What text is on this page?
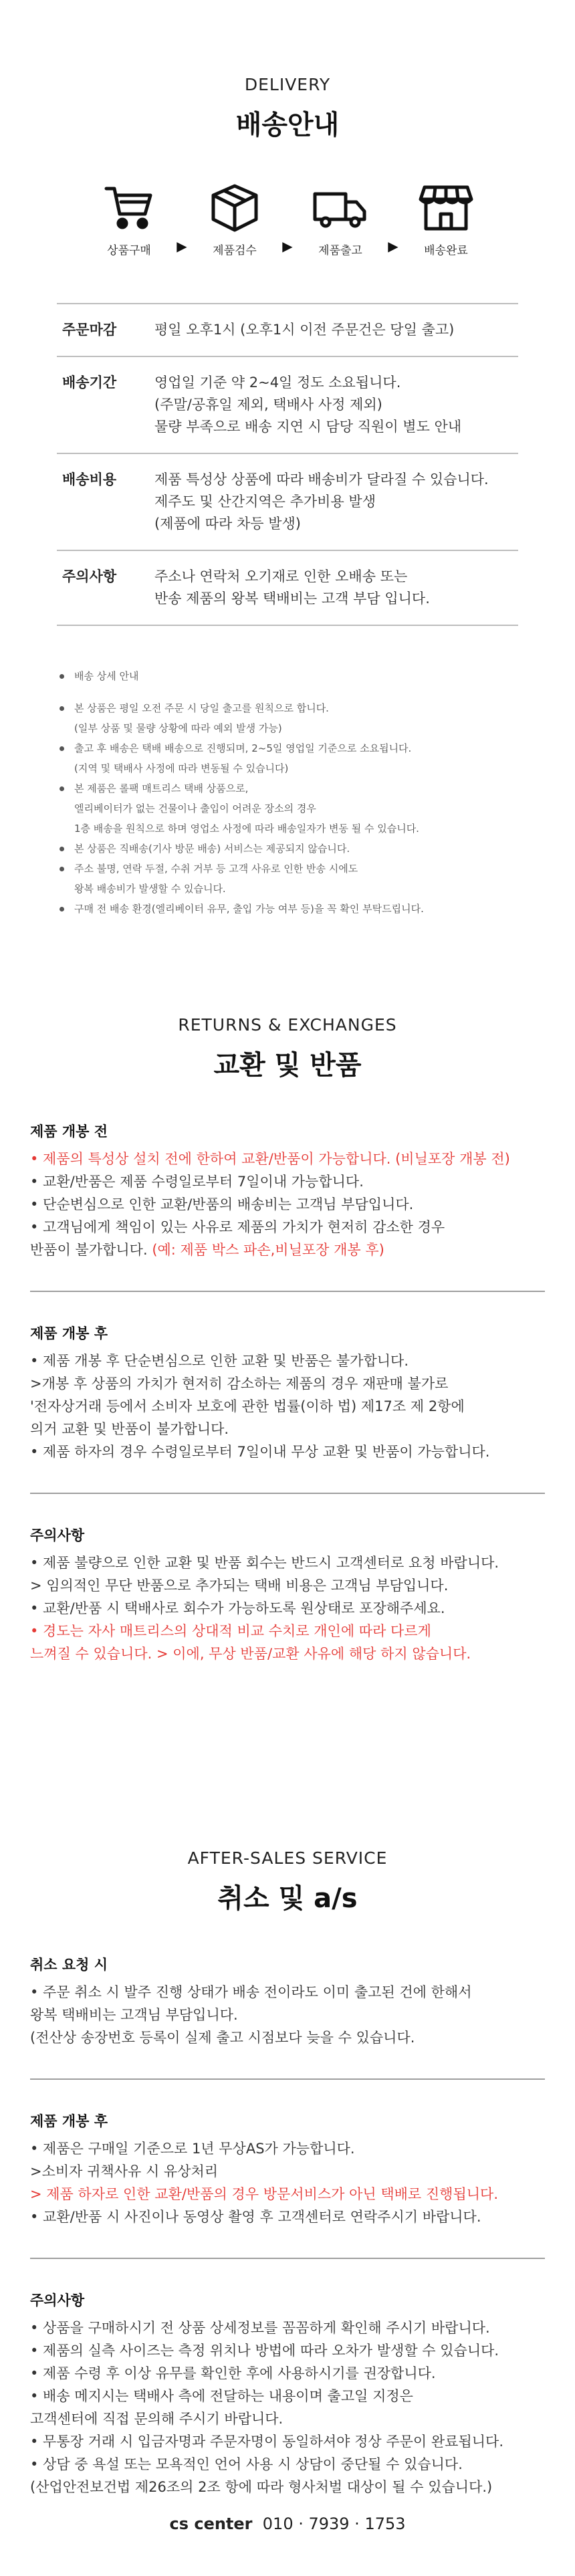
DELIVERY
배송안내
상품구매	▶	제품검수	▶	제품출고	▶	배송완료
주문마감	평일 오후1시 (오후1시 이전 주문건은 당일 출고)
배송기간	영업일 기준 약 2~4일 정도 소요됩니다.
(주말/공휴일 제외, 택배사 사정 제외)
물량 부족으로 배송 지연 시 담당 직원이 별도 안내
배송비용	제품 특성상 상품에 따라 배송비가 달라질 수 있습니다.
제주도 및 산간지역은 추가비용 발생
(제품에 따라 차등 발생)
주의사항	주소나 연락처 오기재로 인한 오배송 또는
반송 제품의 왕복 택배비는 고객 부담 입니다.
배송 상세 안내
본 상품은 평일 오전 주문 시 당일 출고를 원칙으로 합니다.
(일부 상품 및 물량 상황에 따라 예외 발생 가능)
출고 후 배송은 택배 배송으로 진행되며, 2~5일 영업일 기준으로 소요됩니다.
(지역 및 택배사 사정에 따라 변동될 수 있습니다)
본 제품은 롤팩 매트리스 택배 상품으로,
엘리베이터가 없는 건물이나 출입이 어려운 장소의 경우
1층 배송을 원칙으로 하며 영업소 사정에 따라 배송일자가 변동 될 수 있습니다.
본 상품은 직배송(기사 방문 배송) 서비스는 제공되지 않습니다.
주소 불명, 연락 두절, 수취 거부 등 고객 사유로 인한 반송 시에도
왕복 배송비가 발생할 수 있습니다.
구매 전 배송 환경(엘리베이터 유무, 출입 가능 여부 등)을 꼭 확인 부탁드립니다.
RETURNS & EXCHANGES
교환 및 반품
제품 개봉 전
• 제품의 특성상 설치 전에 한하여 교환/반품이 가능합니다. (비닐포장 개봉 전)
• 교환/반품은 제품 수령일로부터 7일이내 가능합니다.
• 단순변심으로 인한 교환/반품의 배송비는 고객님 부담입니다.
• 고객님에게 책임이 있는 사유로 제품의 가치가 현저히 감소한 경우
반품이 불가합니다. (예: 제품 박스 파손,비닐포장 개봉 후)
제품 개봉 후
• 제품 개봉 후 단순변심으로 인한 교환 및 반품은 불가합니다.
>개봉 후 상품의 가치가 현저히 감소하는 제품의 경우 재판매 불가로
'전자상거래 등에서 소비자 보호에 관한 법률(이하 법) 제17조 제 2항에
의거 교환 및 반품이 불가합니다.
• 제품 하자의 경우 수령일로부터 7일이내 무상 교환 및 반품이 가능합니다.
주의사항
• 제품 불량으로 인한 교환 및 반품 회수는 반드시 고객센터로 요청 바랍니다.
> 임의적인 무단 반품으로 추가되는 택배 비용은 고객님 부담입니다.
• 교환/반품 시 택배사로 회수가 가능하도록 원상태로 포장해주세요.
• 경도는 자사 매트리스의 상대적 비교 수치로 개인에 따라 다르게
느껴질 수 있습니다. > 이에, 무상 반품/교환 사유에 해당 하지 않습니다.
AFTER-SALES SERVICE
취소 및 a/s
취소 요청 시
• 주문 취소 시 발주 진행 상태가 배송 전이라도 이미 출고된 건에 한해서
왕복 택배비는 고객님 부담입니다.
(전산상 송장번호 등록이 실제 출고 시점보다 늦을 수 있습니다.
제품 개봉 후
• 제품은 구매일 기준으로 1년 무상AS가 가능합니다.
>소비자 귀책사유 시 유상처리
> 제품 하자로 인한 교환/반품의 경우 방문서비스가 아닌 택배로 진행됩니다.
• 교환/반품 시 사진이나 동영상 촬영 후 고객센터로 연락주시기 바랍니다.
주의사항
• 상품을 구매하시기 전 상품 상세정보를 꼼꼼하게 확인해 주시기 바랍니다.
• 제품의 실측 사이즈는 측정 위치나 방법에 따라 오차가 발생할 수 있습니다.
• 제품 수령 후 이상 유무를 확인한 후에 사용하시기를 권장합니다.
• 배송 메지시는 택배사 측에 전달하는 내용이며 출고일 지정은
고객센터에 직접 문의해 주시기 바랍니다.
• 무통장 거래 시 입금자명과 주문자명이 동일하셔야 정상 주문이 완료됩니다.
• 상담 중 욕설 또는 모욕적인 언어 사용 시 상담이 중단될 수 있습니다.
(산업안전보건법 제26조의 2조 항에 따라 형사처벌 대상이 될 수 있습니다.)
cs center 010 · 7939 · 1753
